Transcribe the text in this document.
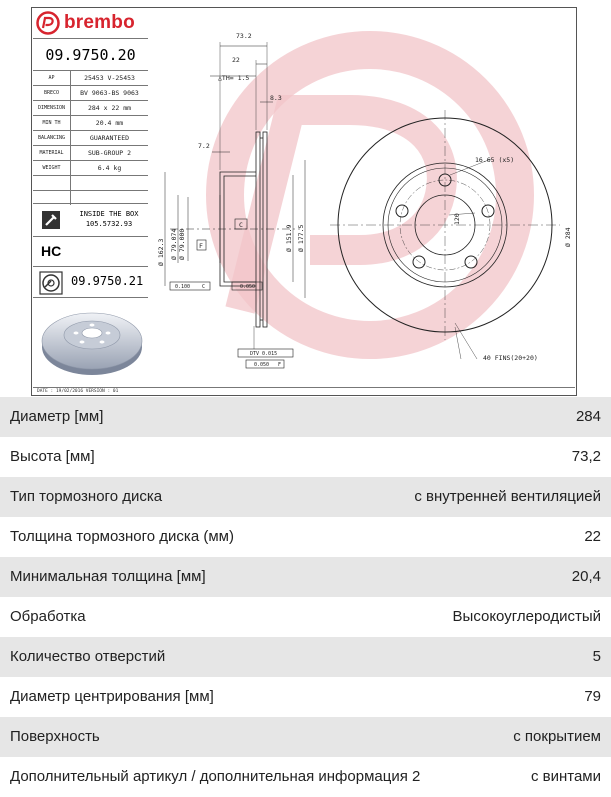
brembo
09.9750.20
AP	25453 V-25453
BRECO	BV 9063-BS 9063
DIMENSION	284 x 22 mm
MIN TH	20.4 mm
BALANCING	GUARANTEED
MATERIAL	SUB-GROUP 2
WEIGHT	6.4 kg

INSIDE THE BOX
105.5732.93
HC
09.9750.21
DATE : 19/02/2016 VERSION : 01
73.2
22
△TH= 1.5
8.3
7.2
C
F
0.100 C	0.050
DTV 0.015
0.050 F
Ø 162.3 Ø 79.074 Ø 79.000	Ø 151.9 Ø 177.5
16.65 (x5)
120
40 FINS(20+20)
Ø 284
Диаметр [мм]	284
Высота [мм]	73,2
Тип тормозного диска	с внутренней вентиляцией
Толщина тормозного диска (мм)	22
Минимальная толщина [мм]	20,4
Обработка	Высокоуглеродистый
Количество отверстий	5
Диаметр центрирования [мм]	79
Поверхность	с покрытием
Дополнительный артикул / дополнительная информация 2	с винтами
